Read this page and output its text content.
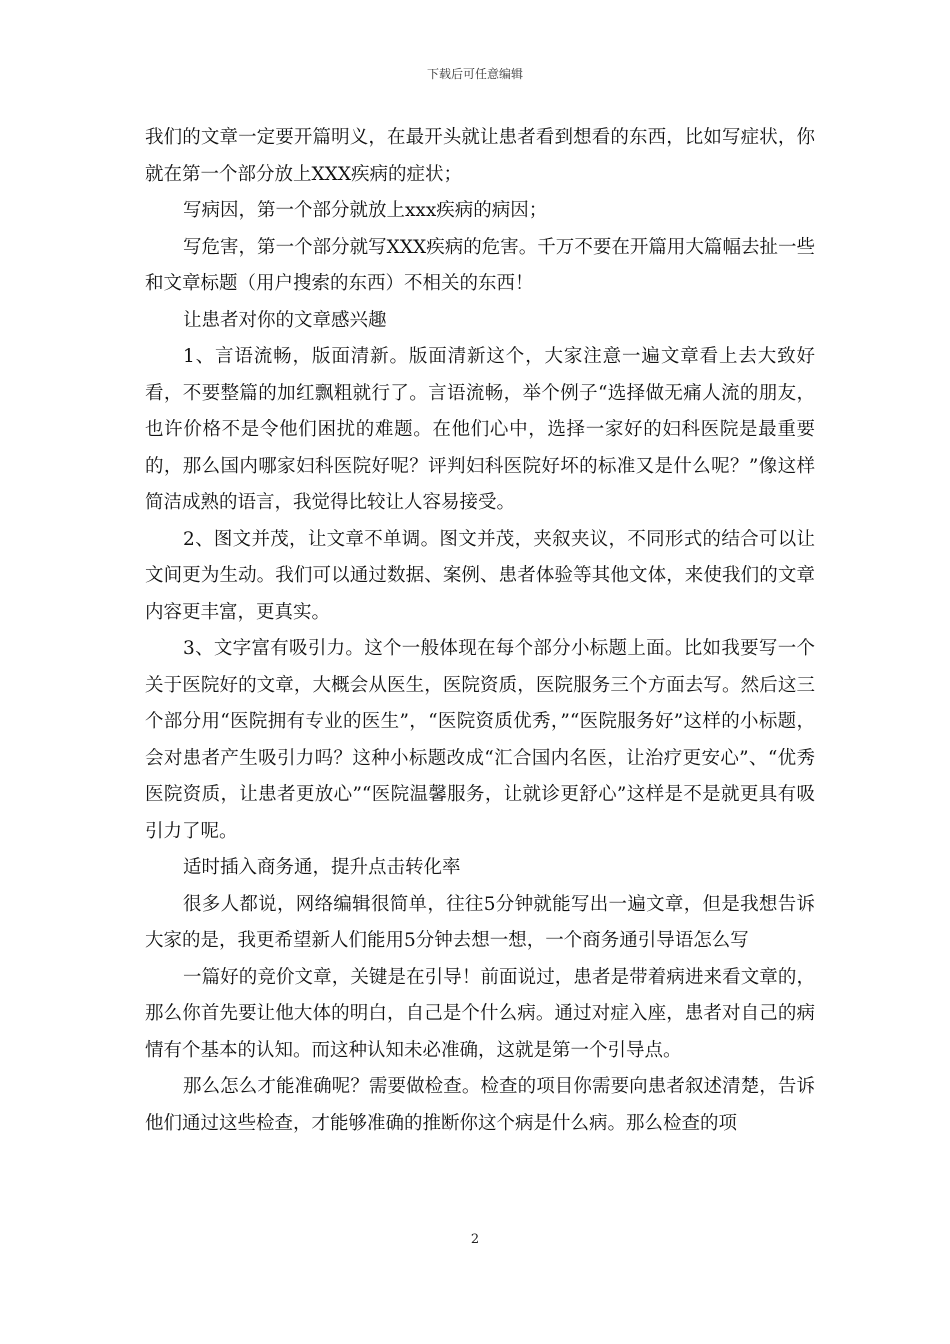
下载后可任意编辑

我们的文章一定要开篇明义，在最开头就让患者看到想看的东西，比如写症状，你就在第一个部分放上XXX疾病的症状；

写病因，第一个部分就放上xxx疾病的病因；

写危害，第一个部分就写XXX疾病的危害。千万不要在开篇用大篇幅去扯一些和文章标题（用户搜索的东西）不相关的东西！

让患者对你的文章感兴趣

1、言语流畅，版面清新。版面清新这个，大家注意一遍文章看上去大致好看，不要整篇的加红飘粗就行了。言语流畅，举个例子“选择做无痛人流的朋友，也许价格不是令他们困扰的难题。在他们心中，选择一家好的妇科医院是最重要的，那么国内哪家妇科医院好呢？评判妇科医院好坏的标准又是什么呢？”像这样简洁成熟的语言，我觉得比较让人容易接受。

2、图文并茂，让文章不单调。图文并茂，夹叙夹议，不同形式的结合可以让文间更为生动。我们可以通过数据、案例、患者体验等其他文体，来使我们的文章内容更丰富，更真实。

3、文字富有吸引力。这个一般体现在每个部分小标题上面。比如我要写一个关于医院好的文章，大概会从医生，医院资质，医院服务三个方面去写。然后这三个部分用“医院拥有专业的医生”，“医院资质优秀，”“医院服务好”这样的小标题，会对患者产生吸引力吗？这种小标题改成“汇合国内名医，让治疗更安心”、“优秀医院资质，让患者更放心”“医院温馨服务，让就诊更舒心”这样是不是就更具有吸引力了呢。

适时插入商务通，提升点击转化率

很多人都说，网络编辑很简单，往往5分钟就能写出一遍文章，但是我想告诉大家的是，我更希望新人们能用5分钟去想一想，一个商务通引导语怎么写

一篇好的竞价文章，关键是在引导！前面说过，患者是带着病进来看文章的，那么你首先要让他大体的明白，自己是个什么病。通过对症入座，患者对自己的病情有个基本的认知。而这种认知未必准确，这就是第一个引导点。

那么怎么才能准确呢？需要做检查。检查的项目你需要向患者叙述清楚，告诉他们通过这些检查，才能够准确的推断你这个病是什么病。那么检查的项

2
